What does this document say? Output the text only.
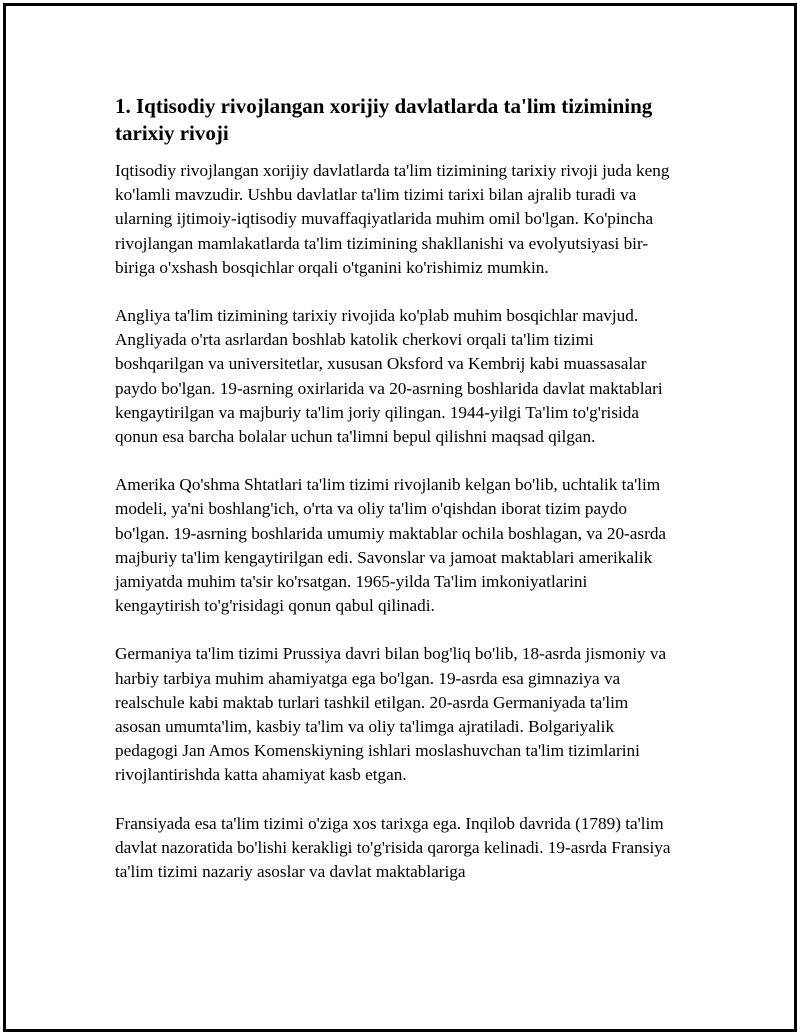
1. Iqtisodiy rivojlangan xorijiy davlatlarda ta'lim tizimining tarixiy rivoji

Iqtisodiy rivojlangan xorijiy davlatlarda ta'lim tizimining tarixiy rivoji juda keng ko'lamli mavzudir. Ushbu davlatlar ta'lim tizimi tarixi bilan ajralib turadi va ularning ijtimoiy-iqtisodiy muvaffaqiyatlarida muhim omil bo'lgan. Ko'pincha rivojlangan mamlakatlarda ta'lim tizimining shakllanishi va evolyutsiyasi bir-biriga o'xshash bosqichlar orqali o'tganini ko'rishimiz mumkin.

Angliya ta'lim tizimining tarixiy rivojida ko'plab muhim bosqichlar mavjud. Angliyada o'rta asrlardan boshlab katolik cherkovi orqali ta'lim tizimi boshqarilgan va universitetlar, xususan Oksford va Kembrij kabi muassasalar paydo bo'lgan. 19-asrning oxirlarida va 20-asrning boshlarida davlat maktablari kengaytirilgan va majburiy ta'lim joriy qilingan. 1944-yilgi Ta'lim to'g'risida qonun esa barcha bolalar uchun ta'limni bepul qilishni maqsad qilgan.

Amerika Qo'shma Shtatlari ta'lim tizimi rivojlanib kelgan bo'lib, uchtalik ta'lim modeli, ya'ni boshlang'ich, o'rta va oliy ta'lim o'qishdan iborat tizim paydo bo'lgan. 19-asrning boshlarida umumiy maktablar ochila boshlagan, va 20-asrda majburiy ta'lim kengaytirilgan edi. Savonslar va jamoat maktablari amerikalik jamiyatda muhim ta'sir ko'rsatgan. 1965-yilda Ta'lim imkoniyatlarini kengaytirish to'g'risidagi qonun qabul qilinadi.

Germaniya ta'lim tizimi Prussiya davri bilan bog'liq bo'lib, 18-asrda jismoniy va harbiy tarbiya muhim ahamiyatga ega bo'lgan. 19-asrda esa gimnaziya va realschule kabi maktab turlari tashkil etilgan. 20-asrda Germaniyada ta'lim asosan umumta'lim, kasbiy ta'lim va oliy ta'limga ajratiladi. Bolgariyalik pedagogi Jan Amos Komenskiyning ishlari moslashuvchan ta'lim tizimlarini rivojlantirishda katta ahamiyat kasb etgan.

Fransiyada esa ta'lim tizimi o'ziga xos tarixga ega. Inqilob davrida (1789) ta'lim davlat nazoratida bo'lishi kerakligi to'g'risida qarorga kelinadi. 19-asrda Fransiya ta'lim tizimi nazariy asoslar va davlat maktablariga
